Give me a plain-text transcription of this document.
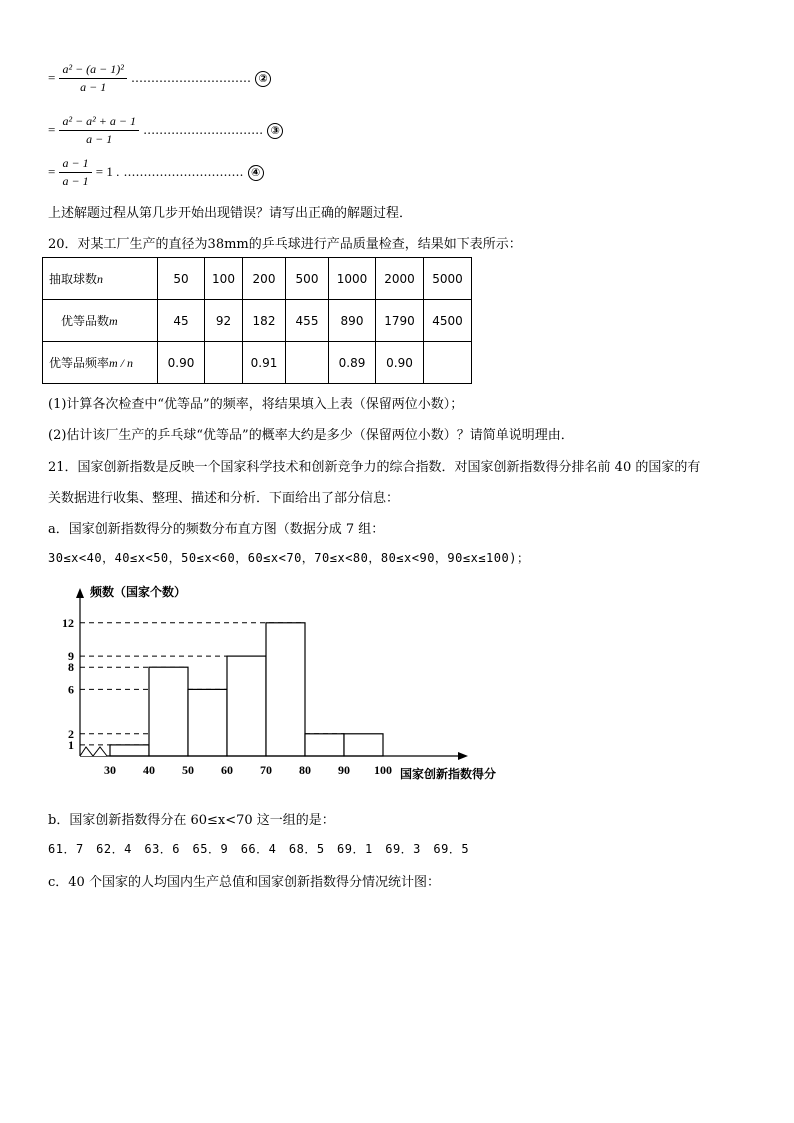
= $\frac{\text{a² − (a − 1)²}}{a - 1}$ ………………………… ②
= $\frac{\text{a² − a² + a − 1}}{a - 1}$ ………………………… ③
= $\frac{a - 1}{a - 1} = 1$ . ………………………… ④
上述解题过程从第几步开始出现错误？请写出正确的解题过程．
20．对某工厂生产的直径为38mm的乒乓球进行产品质量检查，结果如下表所示：
抽取球数n	50	100	200	500	1000	2000	5000
优等品数m	45	92	182	455	890	1790	4500
优等品频率m / n	0.90		0.91		0.89	0.90	
(1)计算各次检查中“优等品”的频率，将结果填入上表（保留两位小数）；
(2)估计该厂生产的乒乓球“优等品”的概率大约是多少（保留两位小数）？请简单说明理由．
21．国家创新指数是反映一个国家科学技术和创新竞争力的综合指数．对国家创新指数得分排名前 40 的国家的有
关数据进行收集、整理、描述和分析．下面给出了部分信息：
a．国家创新指数得分的频数分布直方图（数据分成 7 组：
30≤x<40，40≤x<50，50≤x<60，60≤x<70，70≤x<80，80≤x<90，90≤x≤100)；
30 40 50 60 70 80 90 100
1
2
6
8
9
12
频数（国家个数）
国家创新指数得分
b．国家创新指数得分在 60≤x<70 这一组的是：
61．7　62．4　63．6　65．9　66．4　68．5　69．1　69．3　69．5
c．40 个国家的人均国内生产总值和国家创新指数得分情况统计图：
